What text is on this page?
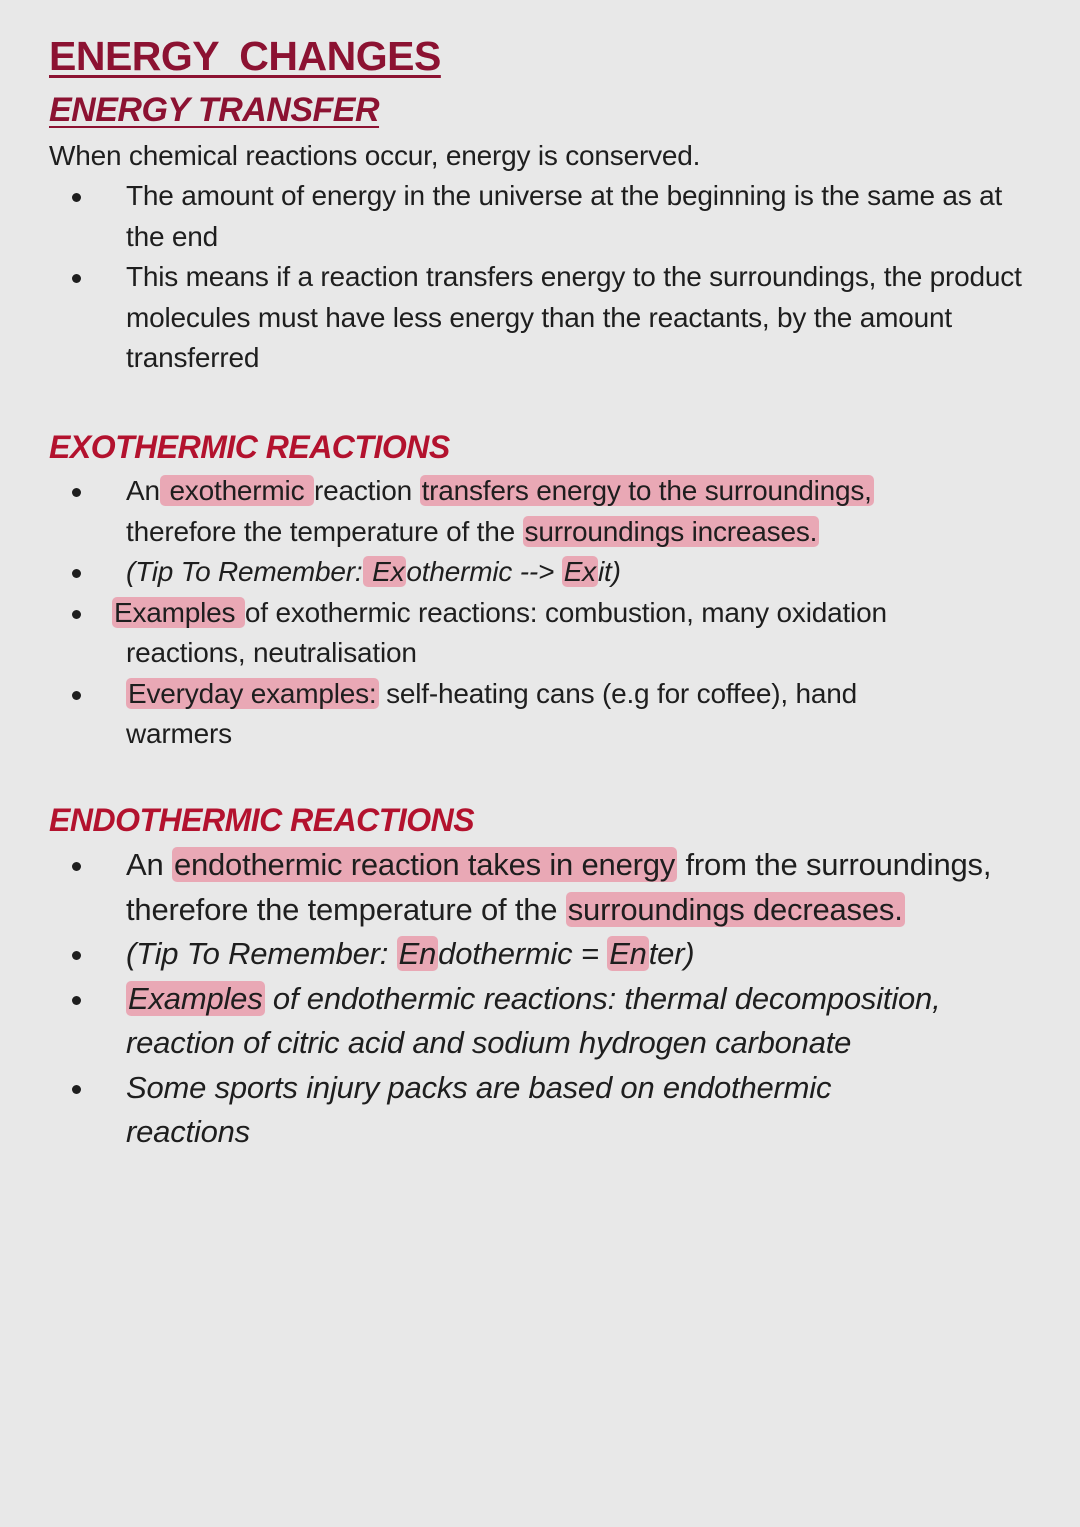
ENERGY CHANGES
ENERGY TRANSFER

When chemical reactions occur, energy is conserved.

The amount of energy in the universe at the beginning is the same as at the end
This means if a reaction transfers energy to the surroundings, the product molecules must have less energy than the reactants, by the amount transferred
EXOTHERMIC REACTIONS
An exothermic reaction transfers energy to the surroundings, therefore the temperature of the surroundings increases.
(Tip To Remember: Exothermic --> Exit)
Examples of exothermic reactions: combustion, many oxidation reactions, neutralisation
Everyday examples: self-heating cans (e.g for coffee), hand warmers
ENDOTHERMIC REACTIONS
An endothermic reaction takes in energy from the surroundings, therefore the temperature of the surroundings decreases.
(Tip To Remember: Endothermic = Enter)
Examples of endothermic reactions: thermal decomposition, reaction of citric acid and sodium hydrogen carbonate
Some sports injury packs are based on endothermic reactions
